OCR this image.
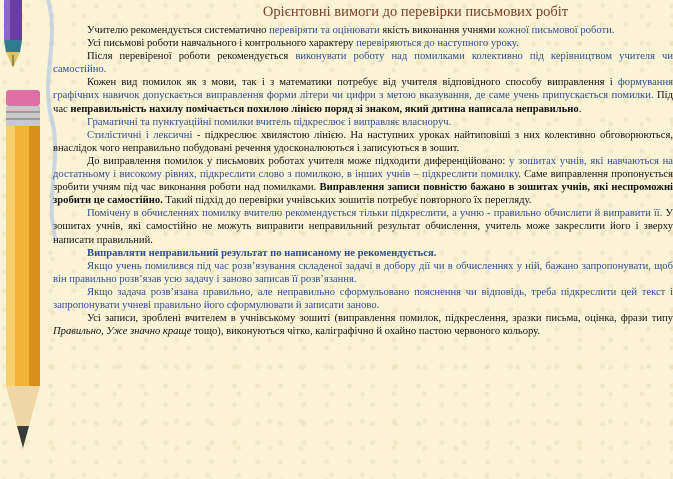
Орієнтовні вимоги до перевірки письмових робіт

Учителю рекомендується систематично перевіряти та оцінювати якість виконання учнями кожної письмової роботи.

Усі письмові роботи навчального і контрольного характеру перевіряються до наступного уроку.

Після перевіреної роботи рекомендується виконувати роботу над помилками колективно під керівництвом учителя чи самостійно.

Кожен вид помилок як з мови, так і з математики потребує від учителя відповідного способу виправлення і формування графічних навичок допускається виправлення форми літери чи цифри з метою вказування, де саме учень припускається помилки. Під час неправильність нахилу помічається похилою лінією поряд зі знаком, який дитина написала неправильно.

Граматичні та пунктуаційні помилки вчитель підкреслює і виправляє власноруч.

Стилістичні і лексичні - підкреслює хвилястою лінією. На наступних уроках найтиповіші з них колективно обговорюються, внаслідок чого неправильно побудовані речення удосконалюються і записуються в зошит.

До виправлення помилок у письмових роботах учителя може підходити диференційовано: у зошитах учнів, які навчаються на достатньому і високому рівнях, підкреслити слово з помилкою, в інших учнів – підкреслити помилку. Саме виправлення пропонується зробити учням під час виконання роботи над помилками. Виправлення записи повністю бажано в зошитах учнів, які неспроможні зробити це самостійно. Такий підхід до перевірки учнівських зошитів потребує повторного їх перегляду.

Помічену в обчисленнях помилку вчителю рекомендується тільки підкреслити, а учню - правильно обчислити й виправити її. У зошитах учнів, які самостійно не можуть виправити неправильний результат обчислення, учитель може закреслити його і зверху написати правильний.

Виправляти неправильний результат по написаному не рекомендується.

Якщо учень помилився під час розв’язування складеної задачі в добору дії чи в обчисленнях у ній, бажано запропонувати, щоб він правильно розв’язав усю задачу і заново записав її розв’язання.

Якщо задача розв’язана правильно, але неправильно сформульовано пояснення чи відповідь, треба підкреслити цей текст і запропонувати учневі правильно його сформулювати й записати заново.

Усі записи, зроблені вчителем в учнівському зошиті (виправлення помилок, підкреслення, зразки письма, оцінка, фрази типу Правильно, Уже значно краще тощо), виконуються чітко, каліграфічно й охайно пастою червоного кольору.
